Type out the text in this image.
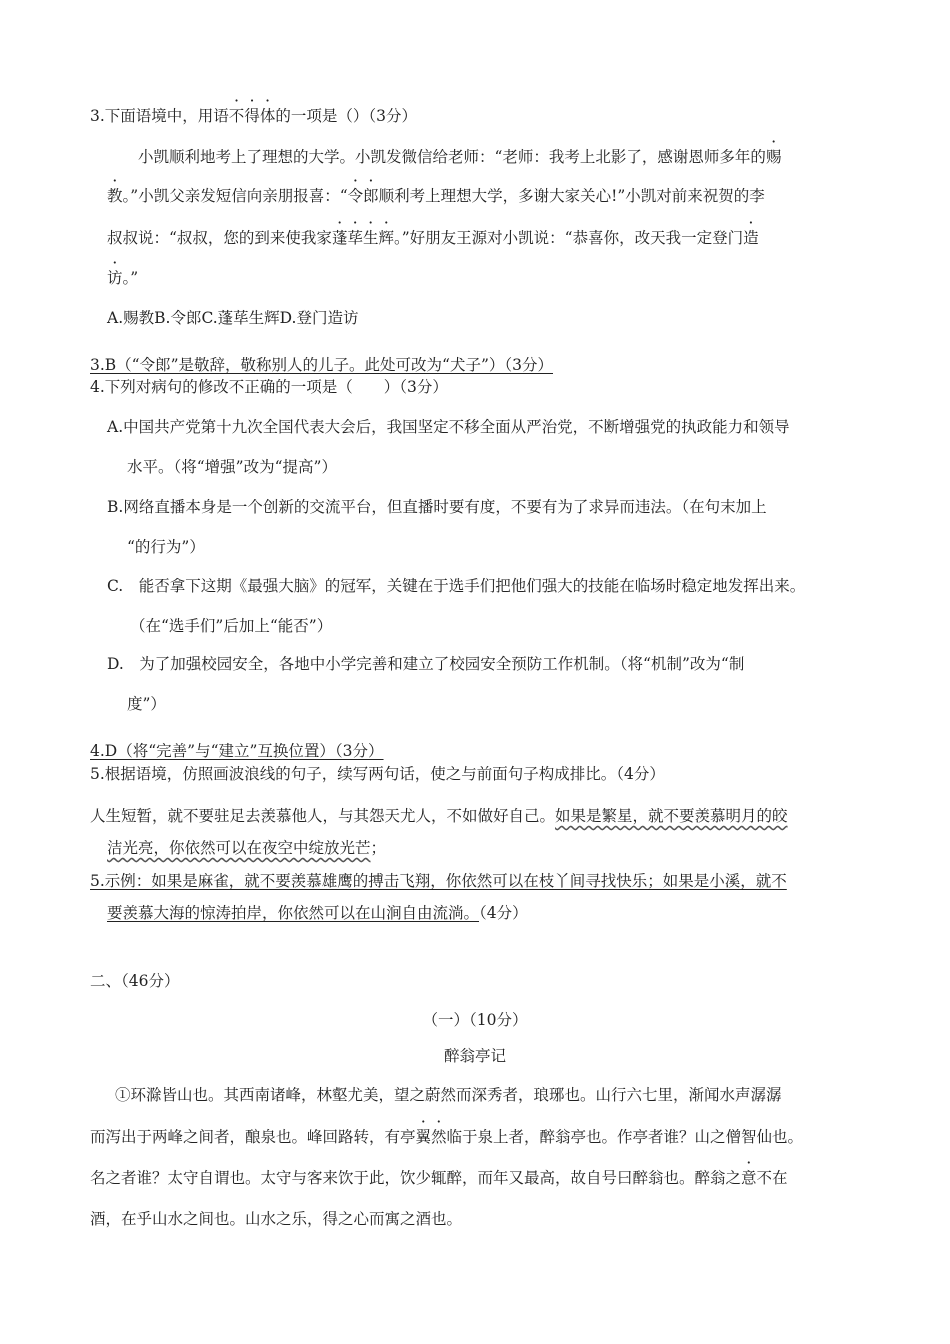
3.下面语境中，用语不得体的一项是（）（3分）
小凯顺利地考上了理想的大学。小凯发微信给老师：“老师：我考上北影了，感谢恩师多年的赐
教。”小凯父亲发短信向亲朋报喜：“令郎顺利考上理想大学，多谢大家关心!”小凯对前来祝贺的李
叔叔说：“叔叔，您的到来使我家蓬荜生辉。”好朋友王源对小凯说：“恭喜你，改天我一定登门造
访。”
A.赐教B.令郎C.蓬荜生辉D.登门造访
3.B（“令郎”是敬辞，敬称别人的儿子。此处可改为“犬子”）（3分）
4.下列对病句的修改不正确的一项是（　　）（3分）
A.中国共产党第十九次全国代表大会后，我国坚定不移全面从严治党，不断增强党的执政能力和领导
水平。（将“增强”改为“提高”）
B.网络直播本身是一个创新的交流平台，但直播时要有度，不要有为了求异而违法。（在句末加上
“的行为”）
C.　能否拿下这期《最强大脑》的冠军，关键在于选手们把他们强大的技能在临场时稳定地发挥出来。
（在“选手们”后加上“能否”）
D.　为了加强校园安全，各地中小学完善和建立了校园安全预防工作机制。（将“机制”改为“制
度”）
4.D（将“完善”与“建立”互换位置）（3分）
5.根据语境，仿照画波浪线的句子，续写两句话，使之与前面句子构成排比。（4分）
人生短暂，就不要驻足去羡慕他人，与其怨天尤人，不如做好自己。如果是繁星，就不要羡慕明月的皎
洁光亮，你依然可以在夜空中绽放光芒；
5.示例：如果是麻雀，就不要羡慕雄鹰的搏击飞翔，你依然可以在枝丫间寻找快乐；如果是小溪，就不
要羡慕大海的惊涛拍岸，你依然可以在山涧自由流淌。（4分）
二、（46分）
（一）（10分）
醉翁亭记
①环滁皆山也。其西南诸峰，林壑尤美，望之蔚然而深秀者，琅琊也。山行六七里，渐闻水声潺潺
而泻出于两峰之间者，酿泉也。峰回路转，有亭翼然临于泉上者，醉翁亭也。作亭者谁？山之僧智仙也。
名之者谁？太守自谓也。太守与客来饮于此，饮少辄醉，而年又最高，故自号曰醉翁也。醉翁之意不在
酒，在乎山水之间也。山水之乐，得之心而寓之酒也。
